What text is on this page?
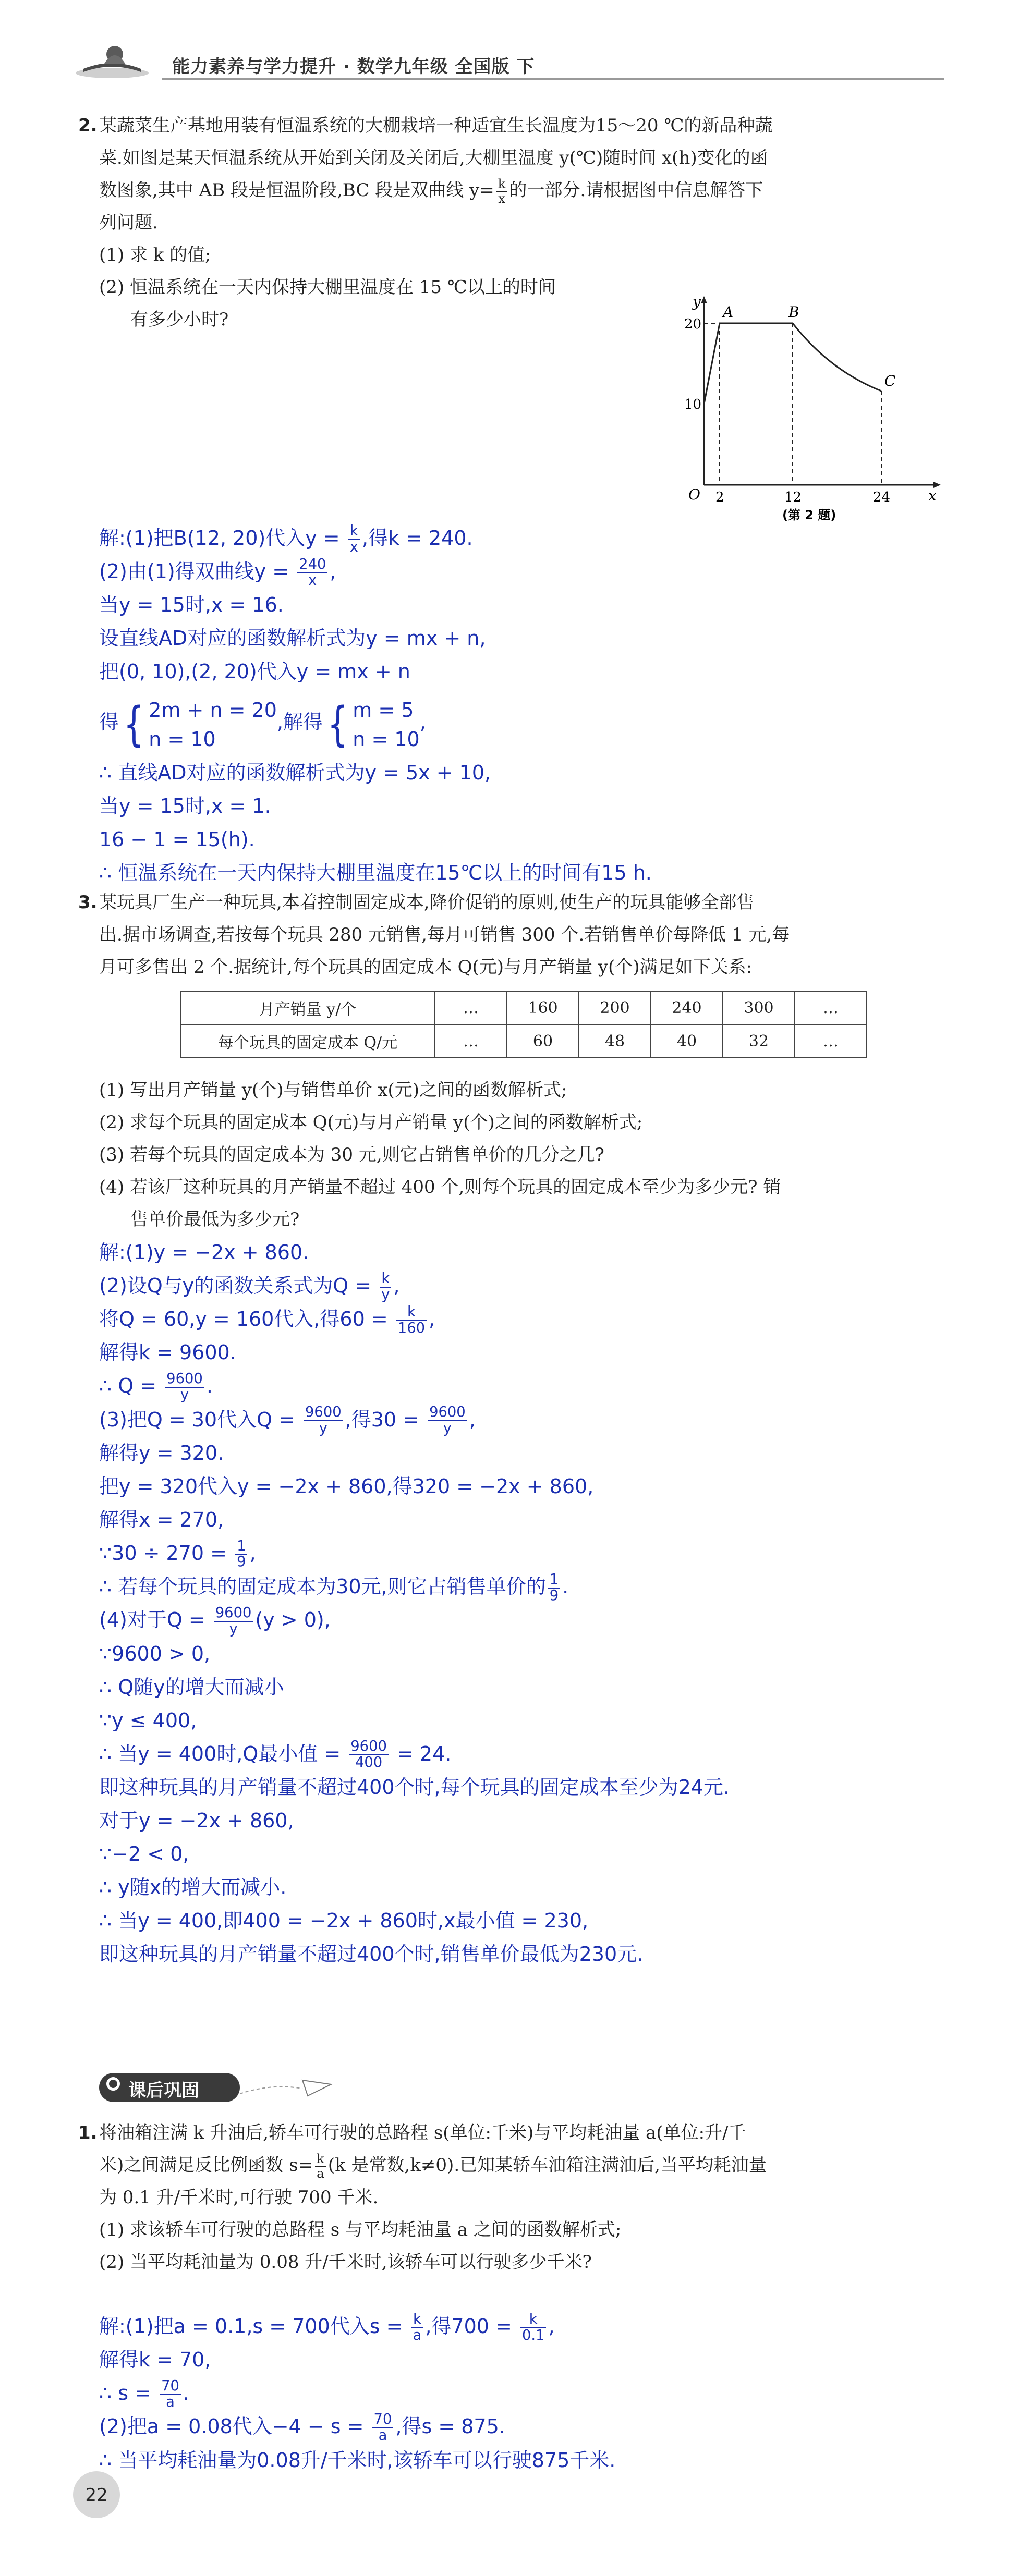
能力素养与学力提升 · 数学九年级 全国版 下
2. 某蔬菜生产基地用装有恒温系统的大棚栽培一种适宜生长温度为15～20 ℃的新品种蔬
菜.如图是某天恒温系统从开始到关闭及关闭后,大棚里温度 y(℃)随时间 x(h)变化的函
数图象,其中 AB 段是恒温阶段,BC 段是双曲线 $y= \frac{k}{x}$ 的一部分.请根据图中信息解答下
列问题.
(1) 求 k 的值;
(2) 恒温系统在一天内保持大棚里温度在 15 ℃以上的时间
有多少小时?
y
x
O
20
10
2	12	24
A	B
C
(第 2 题)
解:(1)把B(12, 20)代入$y = \frac{k}{x}$ ,得k = 240.
(2)由(1)得双曲线$y = \frac{240}{x}$ ,
当y = 15时,x = 16.
设直线AD对应的函数解析式为y = mx + n,
把(0, 10),(2, 20)代入y = mx + n
得{ 2m + n = 20
n = 10
,解得{ m = 5
n = 10
,
∴ 直线AD对应的函数解析式为y = 5x + 10,
当y = 15时,x = 1.
16 − 1 = 15(h).
∴ 恒温系统在一天内保持大棚里温度在15℃以上的时间有15 h.
3. 某玩具厂生产一种玩具,本着控制固定成本,降价促销的原则,使生产的玩具能够全部售
出.据市场调查,若按每个玩具 280 元销售,每月可销售 300 个.若销售单价每降低 1 元,每
月可多售出 2 个.据统计,每个玩具的固定成本 Q(元)与月产销量 y(个)满足如下关系:
月产销量 y/个	…	160	200	240	300	…
每个玩具的固定成本 Q/元	…	60	48	40	32	…
(1) 写出月产销量 y(个)与销售单价 x(元)之间的函数解析式;
(2) 求每个玩具的固定成本 Q(元)与月产销量 y(个)之间的函数解析式;
(3) 若每个玩具的固定成本为 30 元,则它占销售单价的几分之几?
(4) 若该厂这种玩具的月产销量不超过 400 个,则每个玩具的固定成本至少为多少元? 销
售单价最低为多少元?
解:(1)y = −2x + 860.
(2)设Q与y的函数关系式为$Q = \frac{k}{y}$ ,
将Q = 60,y = 160代入,得$60 = \frac{k}{160}$ ,
解得k = 9600.
∴ $Q = \frac{9600}{y}$ .
(3)把Q = 30代入$Q = \frac{9600}{y}$ ,得$30 = \frac{9600}{y}$ ,
解得y = 320.
把y = 320代入y = −2x + 860,得320 = −2x + 860,
解得x = 270,
∵30 ÷ $270 = \frac{1}{9}$ ,
∴ 若每个玩具的固定成本为30元,则它占销售单价的 $\frac{1}{9}$ .
(4)对于$Q = \frac{9600}{y} (y > 0)$,
∵9600 > 0,
∴ Q随y的增大而减小
∵y ≤ 400,
∴ 当y = 400时,Q最小值 = $\frac{9600}{400} = 24$.
即这种玩具的月产销量不超过400个时,每个玩具的固定成本至少为24元.
对于y = −2x + 860,
∵−2 < 0,
∴ y随x的增大而减小.
∴ 当y = 400,即400 = −2x + 860时,x最小值 = 230,
即这种玩具的月产销量不超过400个时,销售单价最低为230元.
课后巩固
1. 将油箱注满 k 升油后,轿车可行驶的总路程 s(单位:千米)与平均耗油量 a(单位:升/千
米)之间满足反比例函数 $s= \frac{k}{a} (k$ 是常数,k≠0).已知某轿车油箱注满油后,当平均耗油量
为 0.1 升/千米时,可行驶 700 千米.
(1) 求该轿车可行驶的总路程 s 与平均耗油量 a 之间的函数解析式;
(2) 当平均耗油量为 0.08 升/千米时,该轿车可以行驶多少千米?
解:(1)把a = 0.1,s = 700代入$s = \frac{k}{a}$ ,得$700 = \frac{k}{0.1}$ ,
解得k = 70,
∴ $s = \frac{70}{a}$ .
(2)把a = 0.08代入$-4 - s = \frac{70}{a}$ ,得s = 875.
∴ 当平均耗油量为0.08升/千米时,该轿车可以行驶875千米.
22
